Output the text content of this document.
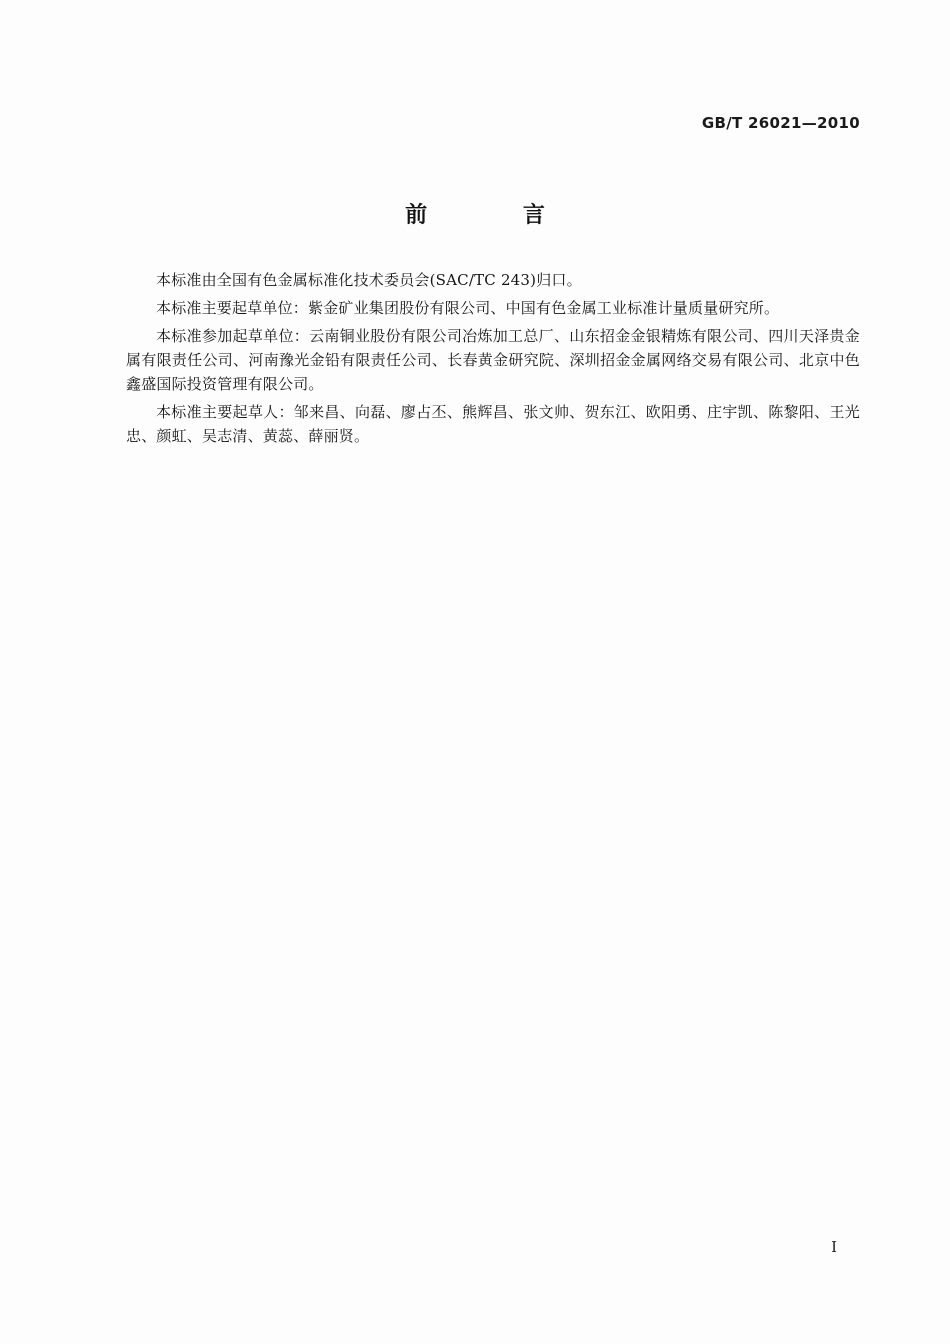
GB/T 26021—2010
前 言

本标准由全国有色金属标准化技术委员会(SAC/TC 243)归口。

本标准主要起草单位：紫金矿业集团股份有限公司、中国有色金属工业标准计量质量研究所。

本标准参加起草单位：云南铜业股份有限公司冶炼加工总厂、山东招金金银精炼有限公司、四川天泽贵金属有限责任公司、河南豫光金铅有限责任公司、长春黄金研究院、深圳招金金属网络交易有限公司、北京中色鑫盛国际投资管理有限公司。

本标准主要起草人：邹来昌、向磊、廖占丕、熊辉昌、张文帅、贺东江、欧阳勇、庄宇凯、陈黎阳、王光忠、颜虹、吴志清、黄蕊、薛丽贤。

I
